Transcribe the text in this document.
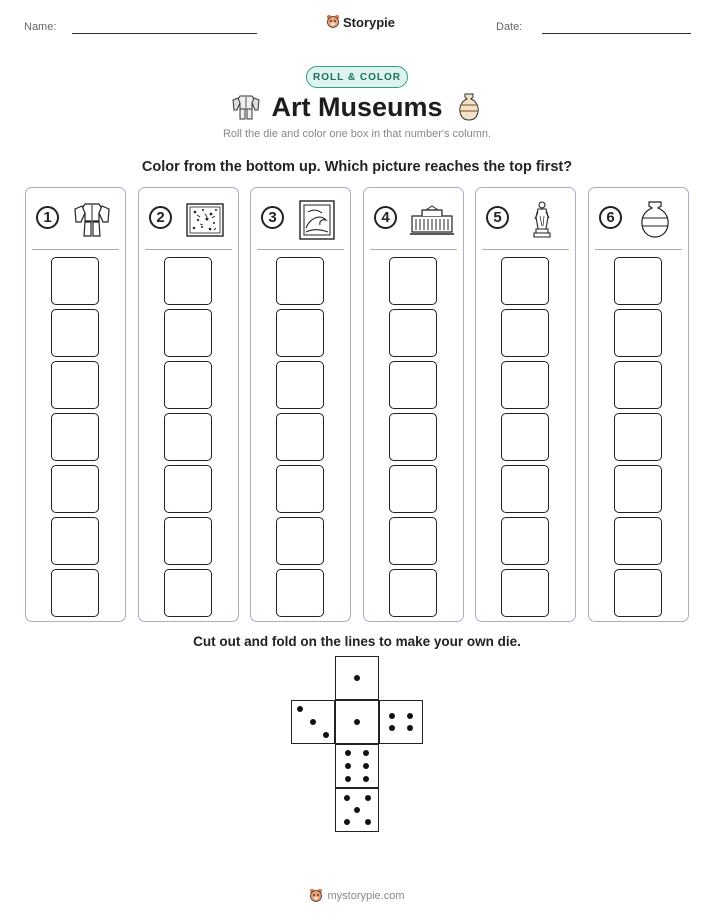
Name:	Storypie	Date:
ROLL & COLOR
Art Museums
Roll the die and color one box in that number's column.
Color from the bottom up. Which picture reaches the top first?
1	2	3	4	5	6
Cut out and fold on the lines to make your own die.
mystorypie.com
